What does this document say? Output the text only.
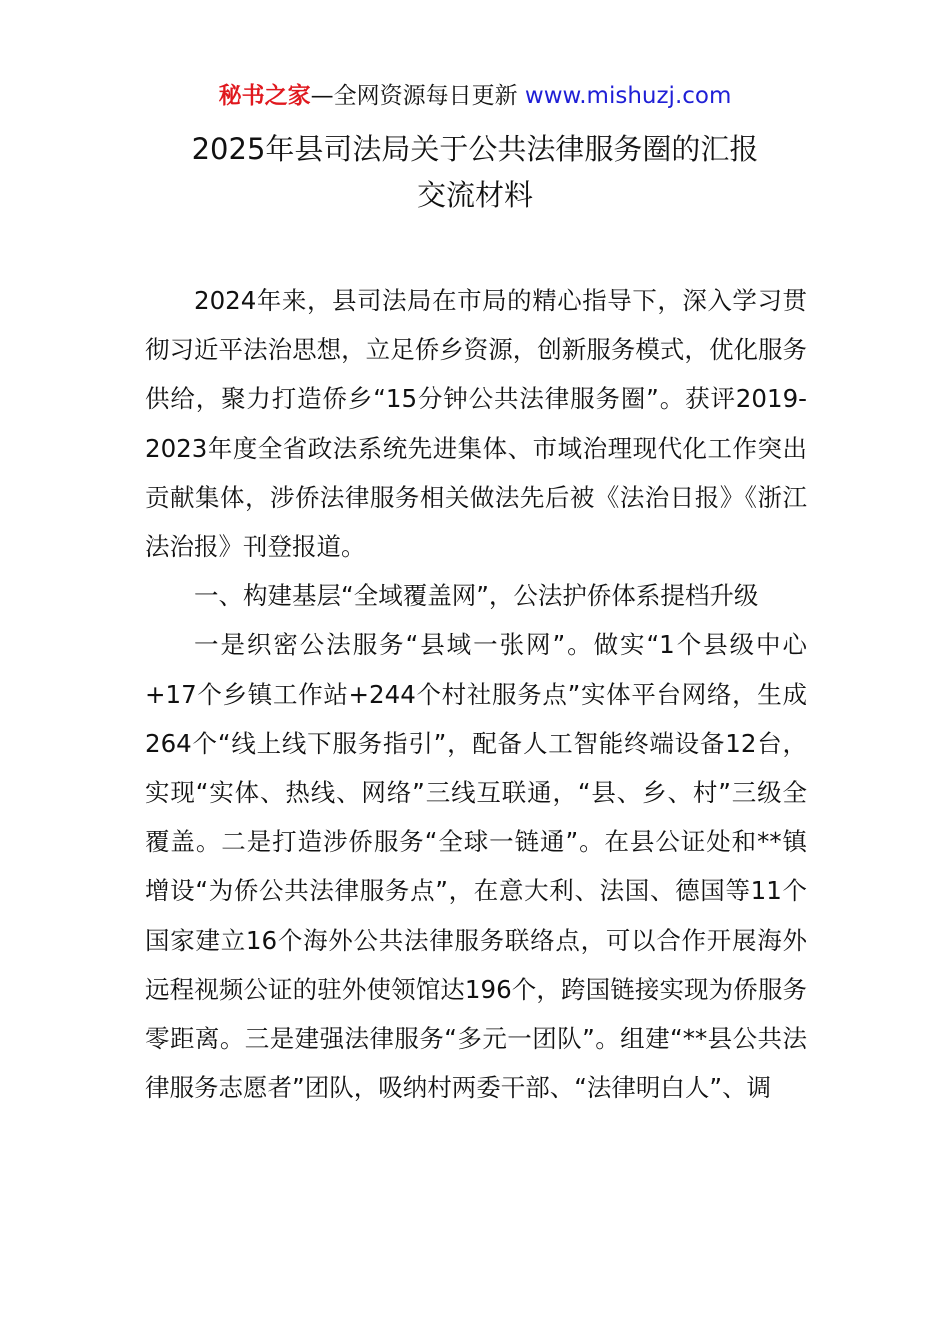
秘书之家—全网资源每日更新 www.mishuzj.com
2025年县司法局关于公共法律服务圈的汇报
交流材料

2024年来，县司法局在市局的精心指导下，深入学习贯彻习近平法治思想，立足侨乡资源，创新服务模式，优化服务供给，聚力打造侨乡“15分钟公共法律服务圈”。获评2019-2023年度全省政法系统先进集体、市域治理现代化工作突出贡献集体，涉侨法律服务相关做法先后被《法治日报》《浙江法治报》刊登报道。

一、构建基层“全域覆盖网”，公法护侨体系提档升级

一是织密公法服务“县域一张网”。做实“1个县级中心+17个乡镇工作站+244个村社服务点”实体平台网络，生成264个“线上线下服务指引”，配备人工智能终端设备12台，实现“实体、热线、网络”三线互联通，“县、乡、村”三级全覆盖。二是打造涉侨服务“全球一链通”。在县公证处和**镇增设“为侨公共法律服务点”，在意大利、法国、德国等11个国家建立16个海外公共法律服务联络点，可以合作开展海外远程视频公证的驻外使领馆达196个，跨国链接实现为侨服务零距离。三是建强法律服务“多元一团队”。组建“**县公共法律服务志愿者”团队，吸纳村两委干部、“法律明白人”、调
